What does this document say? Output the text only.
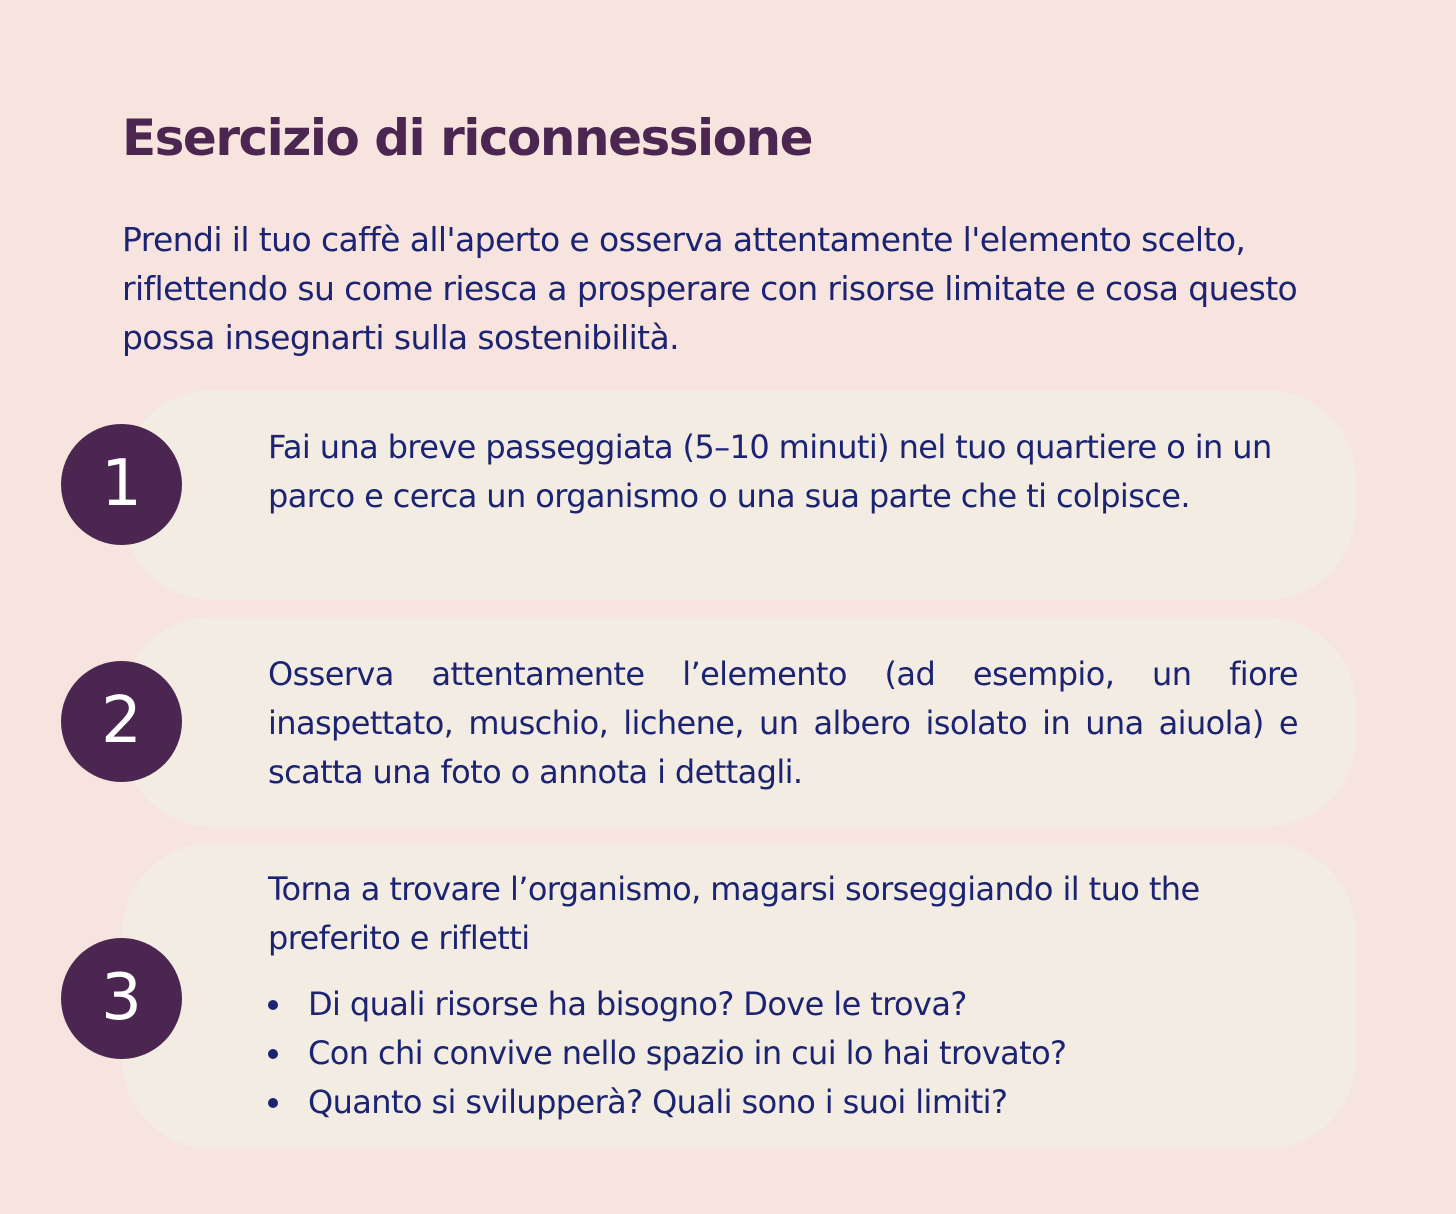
Esercizio di riconnessione

Prendi il tuo caffè all'aperto e osserva attentamente l'elemento scelto, riflettendo su come riesca a prosperare con risorse limitate e cosa questo possa insegnarti sulla sostenibilità.

1	Fai una breve passeggiata (5–10 minuti) nel tuo quartiere o in un parco e cerca un organismo o una sua parte che ti colpisce.

2

Osserva attentamente l’elemento (ad esempio, un fiore inaspettato, muschio, lichene, un albero isolato in una aiuola) e scatta una foto o annota i dettagli.

3

Torna a trovare l’organismo, magarsi sorseggiando il tuo the preferito e rifletti

Di quali risorse ha bisogno? Dove le trova?
Con chi convive nello spazio in cui lo hai trovato?
Quanto si svilupperà? Quali sono i suoi limiti?
